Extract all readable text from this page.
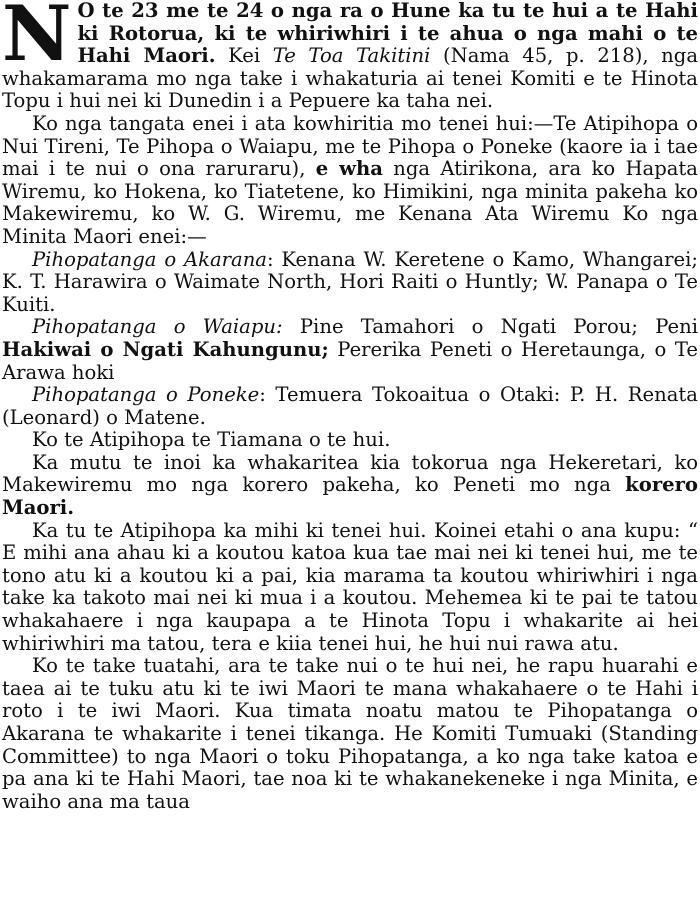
N O te 23 me te 24 o nga ra o Hune ka tu te hui a te Hahi ki Rotorua, ki te whiriwhiri i te ahua o nga mahi o te Hahi Maori. Kei Te Toa Takitini (Nama 45, p. 218), nga whakamarama mo nga take i whakaturia ai tenei Komiti e te Hinota Topu i hui nei ki Dunedin i a Pepuere ka taha nei.

Ko nga tangata enei i ata kowhiritia mo tenei hui:—Te Atipihopa o Nui Tireni, Te Pihopa o Waiapu, me te Pihopa o Poneke (kaore ia i tae mai i te nui o ona raruraru), e wha nga Atirikona, ara ko Hapata Wiremu, ko Hokena, ko Tiatetene, ko Himikini, nga minita pakeha ko Makewiremu, ko W. G. Wiremu, me Kenana Ata Wiremu Ko nga Minita Maori enei:—

Pihopatanga o Akarana: Kenana W. Keretene o Kamo, Whangarei; K. T. Harawira o Waimate North, Hori Raiti o Huntly; W. Panapa o Te Kuiti.

Pihopatanga o Waiapu: Pine Tamahori o Ngati Porou; Peni Hakiwai o Ngati Kahungunu; Pererika Peneti o Heretaunga, o Te Arawa hoki

Pihopatanga o Poneke: Temuera Tokoaitua o Otaki: P. H. Renata (Leonard) o Matene.

Ko te Atipihopa te Tiamana o te hui.

Ka mutu te inoi ka whakaritea kia tokorua nga Hekeretari, ko Makewiremu mo nga korero pakeha, ko Peneti mo nga korero Maori.

Ka tu te Atipihopa ka mihi ki tenei hui. Koinei etahi o ana kupu: “ E mihi ana ahau ki a koutou katoa kua tae mai nei ki tenei hui, me te tono atu ki a koutou ki a pai, kia marama ta koutou whiriwhiri i nga take ka takoto mai nei ki mua i a koutou. Mehemea ki te pai te tatou whakahaere i nga kaupapa a te Hinota Topu i whakarite ai hei whiriwhiri ma tatou, tera e kiia tenei hui, he hui nui rawa atu.

Ko te take tuatahi, ara te take nui o te hui nei, he rapu huarahi e taea ai te tuku atu ki te iwi Maori te mana whakahaere o te Hahi i roto i te iwi Maori. Kua timata noatu matou te Pihopatanga o Akarana te whakarite i tenei tikanga. He Komiti Tumuaki (Standing Committee) to nga Maori o toku Pihopatanga, a ko nga take katoa e pa ana ki te Hahi Maori, tae noa ki te whakanekeneke i nga Minita, e waiho ana ma taua
